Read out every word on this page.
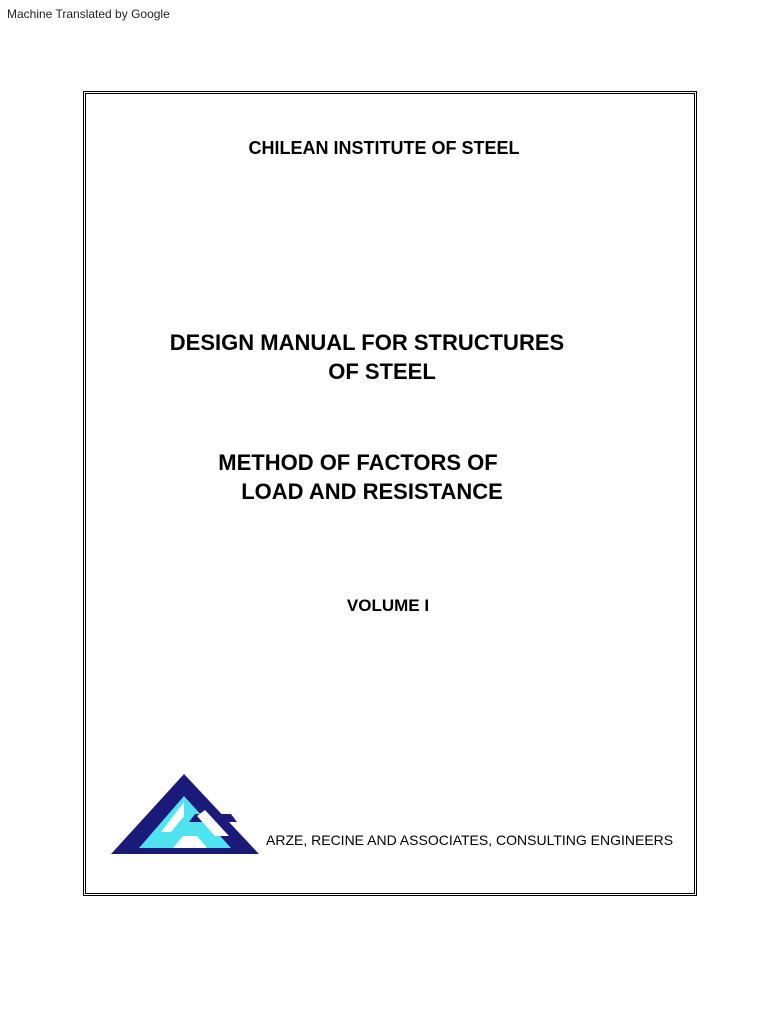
Machine Translated by Google
CHILEAN INSTITUTE OF STEEL
DESIGN MANUAL FOR STRUCTURES
OF STEEL
METHOD OF FACTORS OF
LOAD AND RESISTANCE
VOLUME I
ARZE, RECINE AND ASSOCIATES, CONSULTING ENGINEERS
